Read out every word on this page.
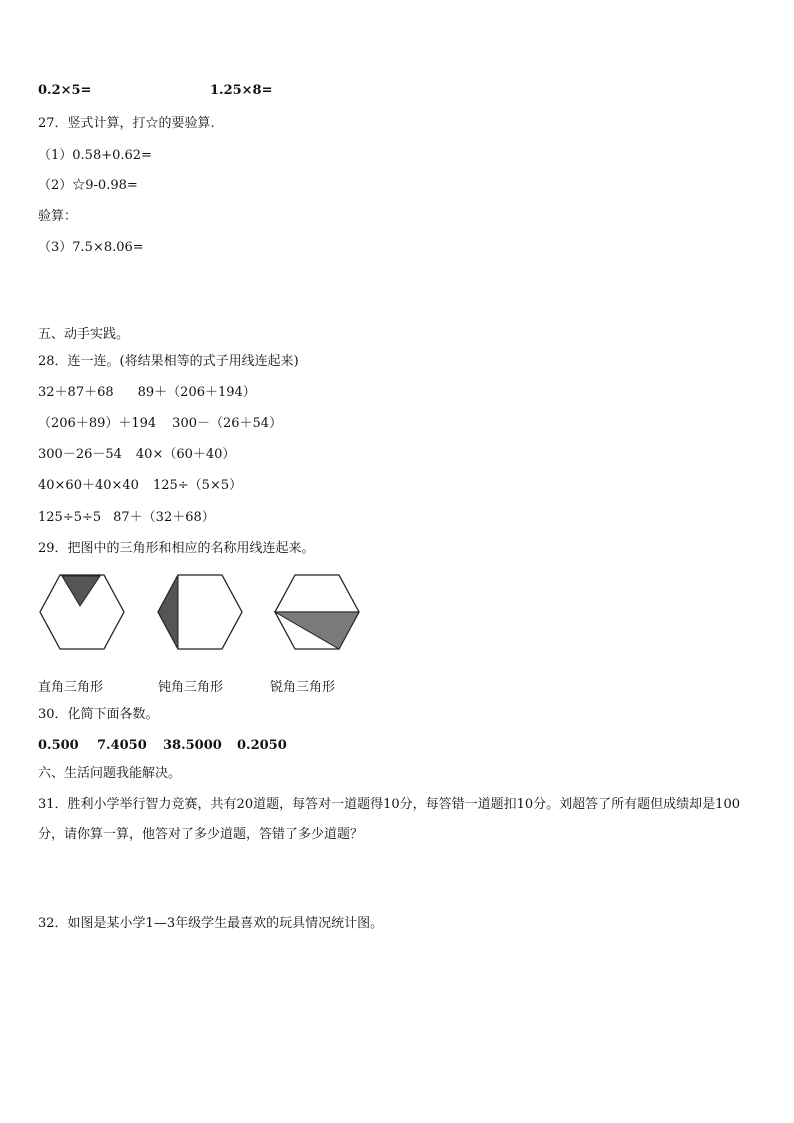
0.2×5=	1.25×8=
27．竖式计算，打☆的要验算.
（1）0.58+0.62=
（2）☆9-0.98=
验算：
（3）7.5×8.06=
五、动手实践。
28．连一连。(将结果相等的式子用线连起来)
32＋87＋68 89＋（206＋194）
（206＋89）＋194 300－（26＋54）
300－26－54 40×（60＋40）
40×60＋40×40 125÷（5×5）
125÷5÷5 87＋（32＋68）
29．把图中的三角形和相应的名称用线连起来。
直角三角形	钝角三角形	锐角三角形
30．化简下面各数。
0.500 7.4050 38.5000 0.2050
六、生活问题我能解决。
31．胜利小学举行智力竞赛，共有20道题，每答对一道题得10分，每答错一道题扣10分。刘超答了所有题但成绩却是100分，请你算一算，他答对了多少道题，答错了多少道题？
32．如图是某小学1—3年级学生最喜欢的玩具情况统计图。
